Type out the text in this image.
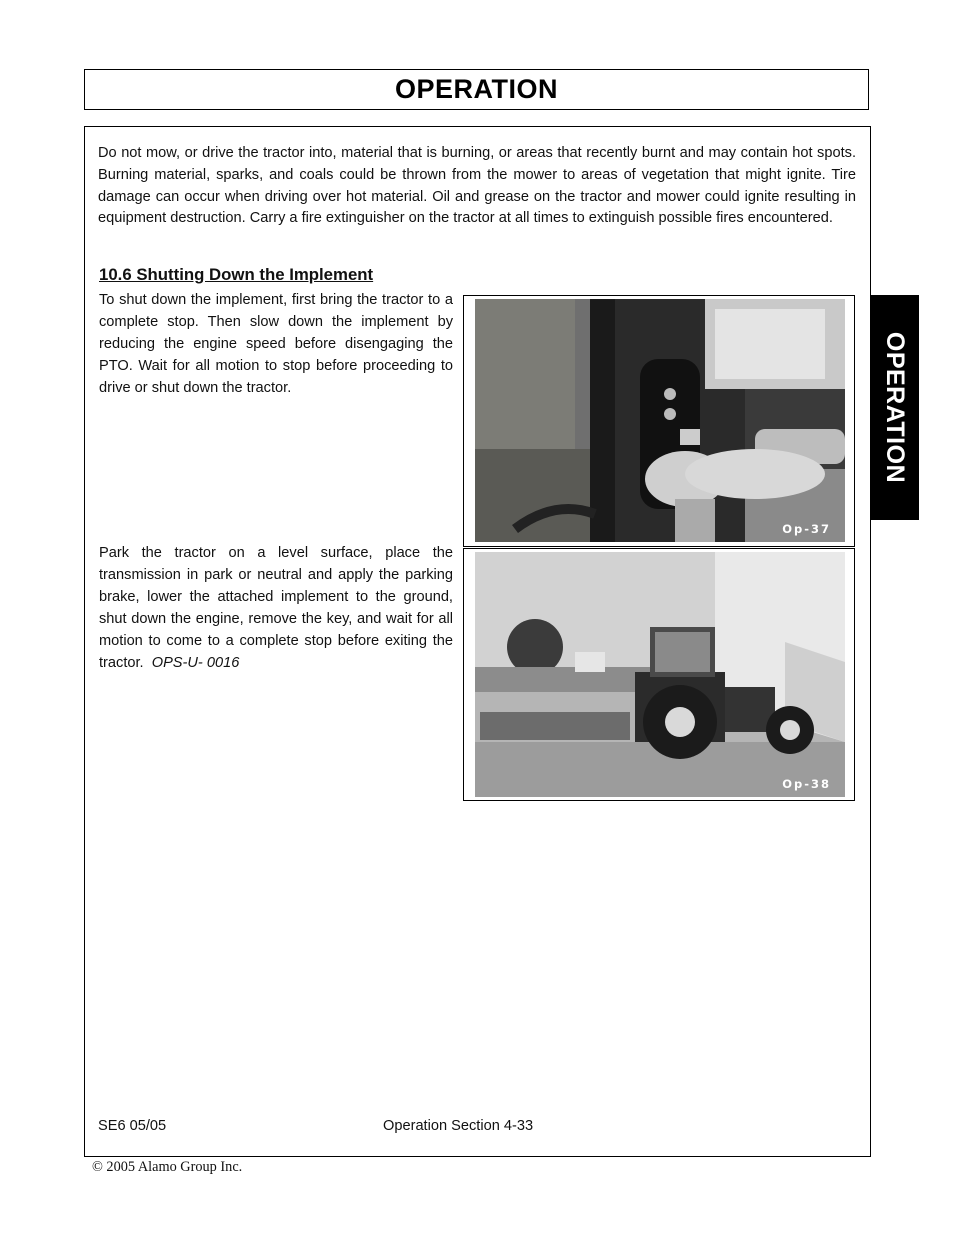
OPERATION

Do not mow, or drive the tractor into, material that is burning, or areas that recently burnt and may contain hot spots. Burning material, sparks, and coals could be thrown from the mower to areas of vegetation that might ignite. Tire damage can occur when driving over hot material. Oil and grease on the tractor and mower could ignite resulting in equipment destruction. Carry a fire extinguisher on the tractor at all times to extinguish possible fires encountered.

10.6 Shutting Down the Implement

To shut down the implement, first bring the tractor to a complete stop. Then slow down the implement by reducing the engine speed before disengaging the PTO. Wait for all motion to stop before proceeding to drive or shut down the tractor.

Park the tractor on a level surface, place the transmission in park or neutral and apply the parking brake, lower the attached implement to the ground, shut down the engine, remove the key, and wait for all motion to come to a complete stop before exiting the tractor. OPS-U- 0016

Op-37
Op-38
OPERATION
SE6 05/05	Operation Section 4-33
© 2005 Alamo Group Inc.
